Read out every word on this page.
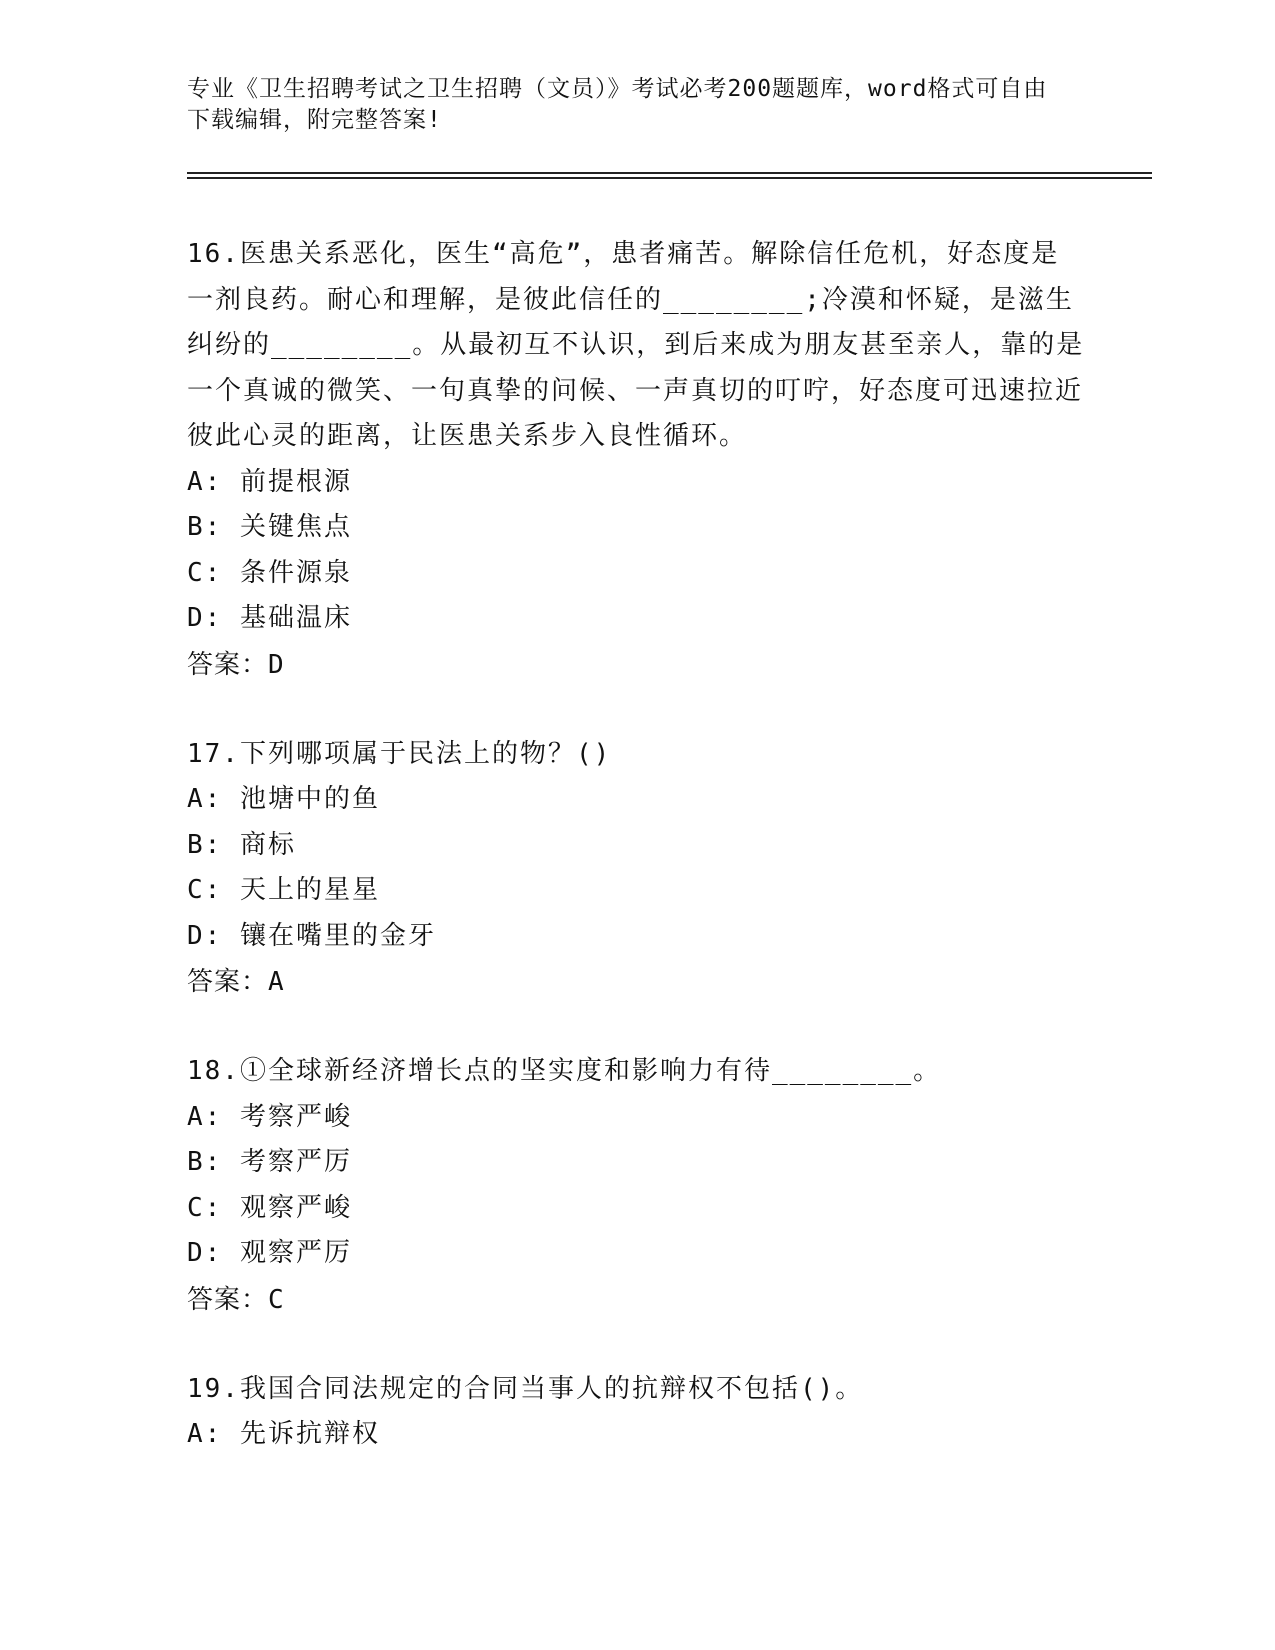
专业《卫生招聘考试之卫生招聘（文员）》考试必考200题题库，word格式可自由下载编辑，附完整答案!

16.医患关系恶化，医生“高危”，患者痛苦。解除信任危机，好态度是一剂良药。耐心和理解，是彼此信任的________;冷漠和怀疑，是滋生纠纷的________。从最初互不认识，到后来成为朋友甚至亲人，靠的是一个真诚的微笑、一句真挚的问候、一声真切的叮咛，好态度可迅速拉近彼此心灵的距离，让医患关系步入良性循环。

A: 前提根源

B: 关键焦点

C: 条件源泉

D: 基础温床

答案：D

17.下列哪项属于民法上的物？()

A: 池塘中的鱼

B: 商标

C: 天上的星星

D: 镶在嘴里的金牙

答案：A

18.①全球新经济增长点的坚实度和影响力有待________。

A: 考察严峻

B: 考察严厉

C: 观察严峻

D: 观察严厉

答案：C

19.我国合同法规定的合同当事人的抗辩权不包括()。

A: 先诉抗辩权
